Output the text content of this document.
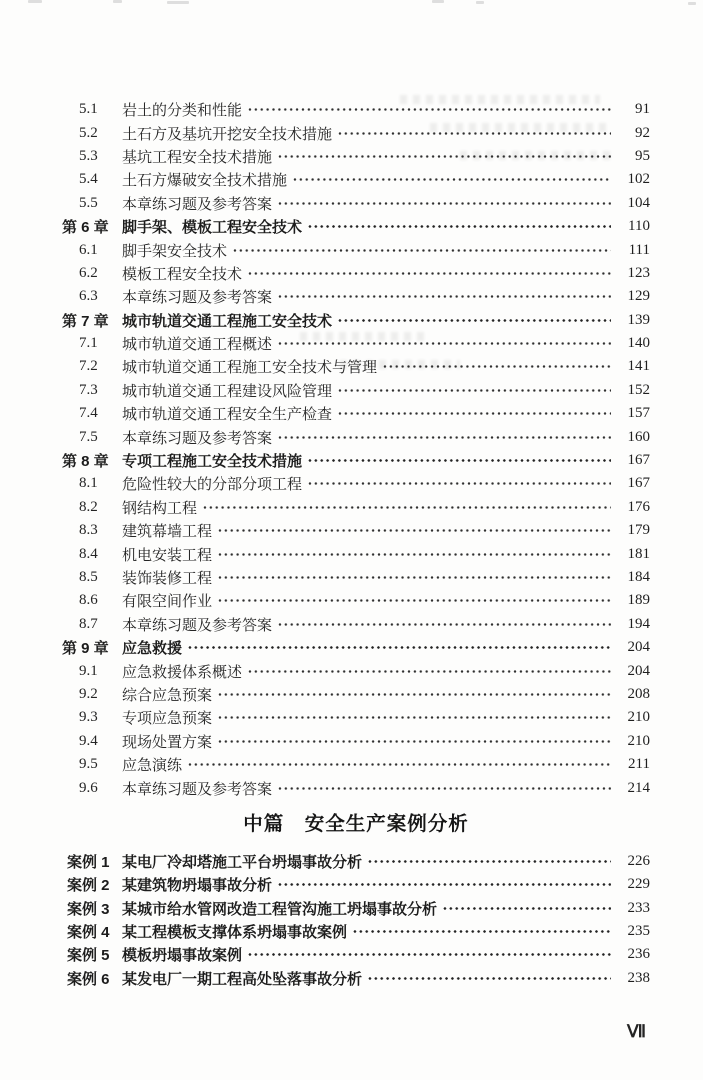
5.1	岩土的分类和性能	91
5.2	土石方及基坑开挖安全技术措施	92
5.3	基坑工程安全技术措施	95
5.4	土石方爆破安全技术措施	102
5.5	本章练习题及参考答案	104
第 6 章 脚手架、模板工程安全技术	110
6.1	脚手架安全技术	111
6.2	模板工程安全技术	123
6.3	本章练习题及参考答案	129
第 7 章 城市轨道交通工程施工安全技术	139
7.1	城市轨道交通工程概述	140
7.2	城市轨道交通工程施工安全技术与管理	141
7.3	城市轨道交通工程建设风险管理	152
7.4	城市轨道交通工程安全生产检查	157
7.5	本章练习题及参考答案	160
第 8 章 专项工程施工安全技术措施	167
8.1	危险性较大的分部分项工程	167
8.2	钢结构工程	176
8.3	建筑幕墙工程	179
8.4	机电安装工程	181
8.5	装饰装修工程	184
8.6	有限空间作业	189
8.7	本章练习题及参考答案	194
第 9 章 应急救援	204
9.1	应急救援体系概述	204
9.2	综合应急预案	208
9.3	专项应急预案	210
9.4	现场处置方案	210
9.5	应急演练	211
9.6	本章练习题及参考答案	214
中篇　安全生产案例分析
案例 1 某电厂冷却塔施工平台坍塌事故分析	226
案例 2 某建筑物坍塌事故分析	229
案例 3 某城市给水管网改造工程管沟施工坍塌事故分析	233
案例 4 某工程模板支撑体系坍塌事故案例	235
案例 5 模板坍塌事故案例	236
案例 6 某发电厂一期工程高处坠落事故分析	238
Ⅶ
